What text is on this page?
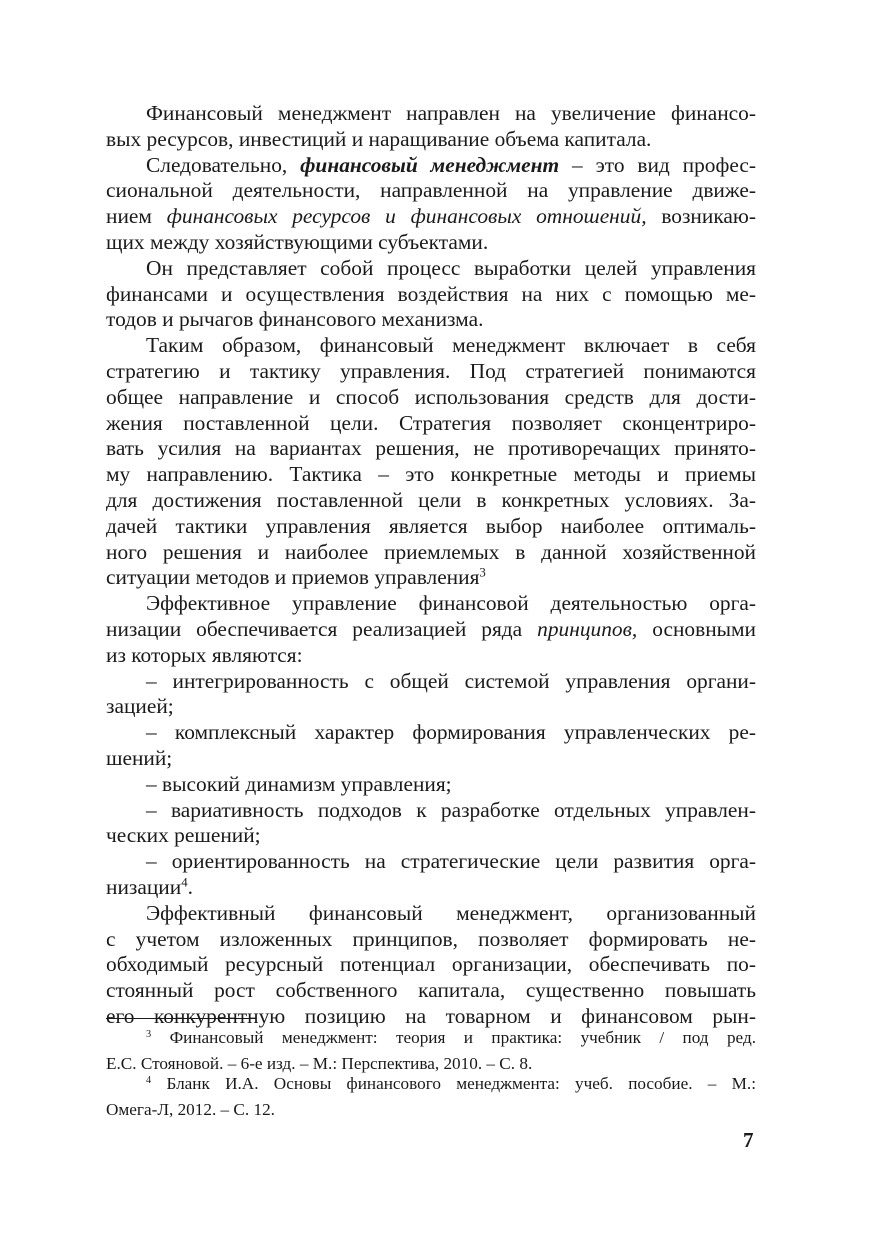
Финансовый менеджмент направлен на увеличение финансо-
вых ресурсов, инвестиций и наращивание объема капитала.
Следовательно, финансовый менеджмент – это вид профес-
сиональной деятельности, направленной на управление движе-
нием финансовых ресурсов и финансовых отношений, возникаю-
щих между хозяйствующими субъектами.
Он представляет собой процесс выработки целей управления
финансами и осуществления воздействия на них с помощью ме-
тодов и рычагов финансового механизма.
Таким образом, финансовый менеджмент включает в себя
стратегию и тактику управления. Под стратегией понимаются
общее направление и способ использования средств для дости-
жения поставленной цели. Стратегия позволяет сконцентриро-
вать усилия на вариантах решения, не противоречащих принято-
му направлению. Тактика – это конкретные методы и приемы
для достижения поставленной цели в конкретных условиях. За-
дачей тактики управления является выбор наиболее оптималь-
ного решения и наиболее приемлемых в данной хозяйственной
ситуации методов и приемов управления$^3$
Эффективное управление финансовой деятельностью орга-
низации обеспечивается реализацией ряда принципов, основными
из которых являются:
– интегрированность с общей системой управления органи-
зацией;
– комплексный характер формирования управленческих ре-
шений;
– высокий динамизм управления;
– вариативность подходов к разработке отдельных управлен-
ческих решений;
– ориентированность на стратегические цели развития орга-
низации$^4$.
Эффективный финансовый менеджмент, организованный
с учетом изложенных принципов, позволяет формировать не-
обходимый ресурсный потенциал организации, обеспечивать по-
стоянный рост собственного капитала, существенно повышать
его конкурентную позицию на товарном и финансовом рын-
$^3$ Финансовый менеджмент: теория и практика: учебник / под ред.
Е.С. Стояновой. – 6-е изд. – М.: Перспектива, 2010. – С. 8.
$^4$ Бланк И.А. Основы финансового менеджмента: учеб. пособие. – М.:
Омега-Л, 2012. – С. 12.
7
